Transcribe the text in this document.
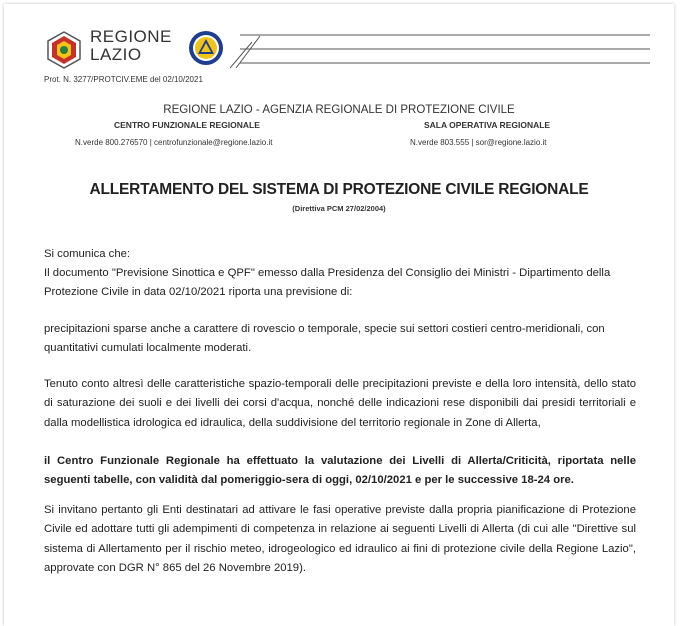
REGIONE
LAZIO
Prot. N. 3277/PROTCIV.EME del 02/10/2021
REGIONE LAZIO - AGENZIA REGIONALE DI PROTEZIONE CIVILE
CENTRO FUNZIONALE REGIONALE	SALA OPERATIVA REGIONALE
N.verde 800.276570 | centrofunzionale@regione.lazio.it	N.verde 803.555 | sor@regione.lazio.it
ALLERTAMENTO DEL SISTEMA DI PROTEZIONE CIVILE REGIONALE
(Direttiva PCM 27/02/2004)

Si comunica che:

Il documento "Previsione Sinottica e QPF" emesso dalla Presidenza del Consiglio dei Ministri - Dipartimento della Protezione Civile in data 02/10/2021 riporta una previsione di:

precipitazioni sparse anche a carattere di rovescio o temporale, specie sui settori costieri centro-meridionali, con quantitativi cumulati localmente moderati.

Tenuto conto altresì delle caratteristiche spazio-temporali delle precipitazioni previste e della loro intensità, dello stato di saturazione dei suoli e dei livelli dei corsi d'acqua, nonché delle indicazioni rese disponibili dai presidi territoriali e dalla modellistica idrologica ed idraulica, della suddivisione del territorio regionale in Zone di Allerta,

il Centro Funzionale Regionale ha effettuato la valutazione dei Livelli di Allerta/Criticità, riportata nelle seguenti tabelle, con validità dal pomeriggio-sera di oggi, 02/10/2021 e per le successive 18-24 ore.

Si invitano pertanto gli Enti destinatari ad attivare le fasi operative previste dalla propria pianificazione di Protezione Civile ed adottare tutti gli adempimenti di competenza in relazione ai seguenti Livelli di Allerta (di cui alle "Direttive sul sistema di Allertamento per il rischio meteo, idrogeologico ed idraulico ai fini di protezione civile della Regione Lazio", approvate con DGR N° 865 del 26 Novembre 2019).
